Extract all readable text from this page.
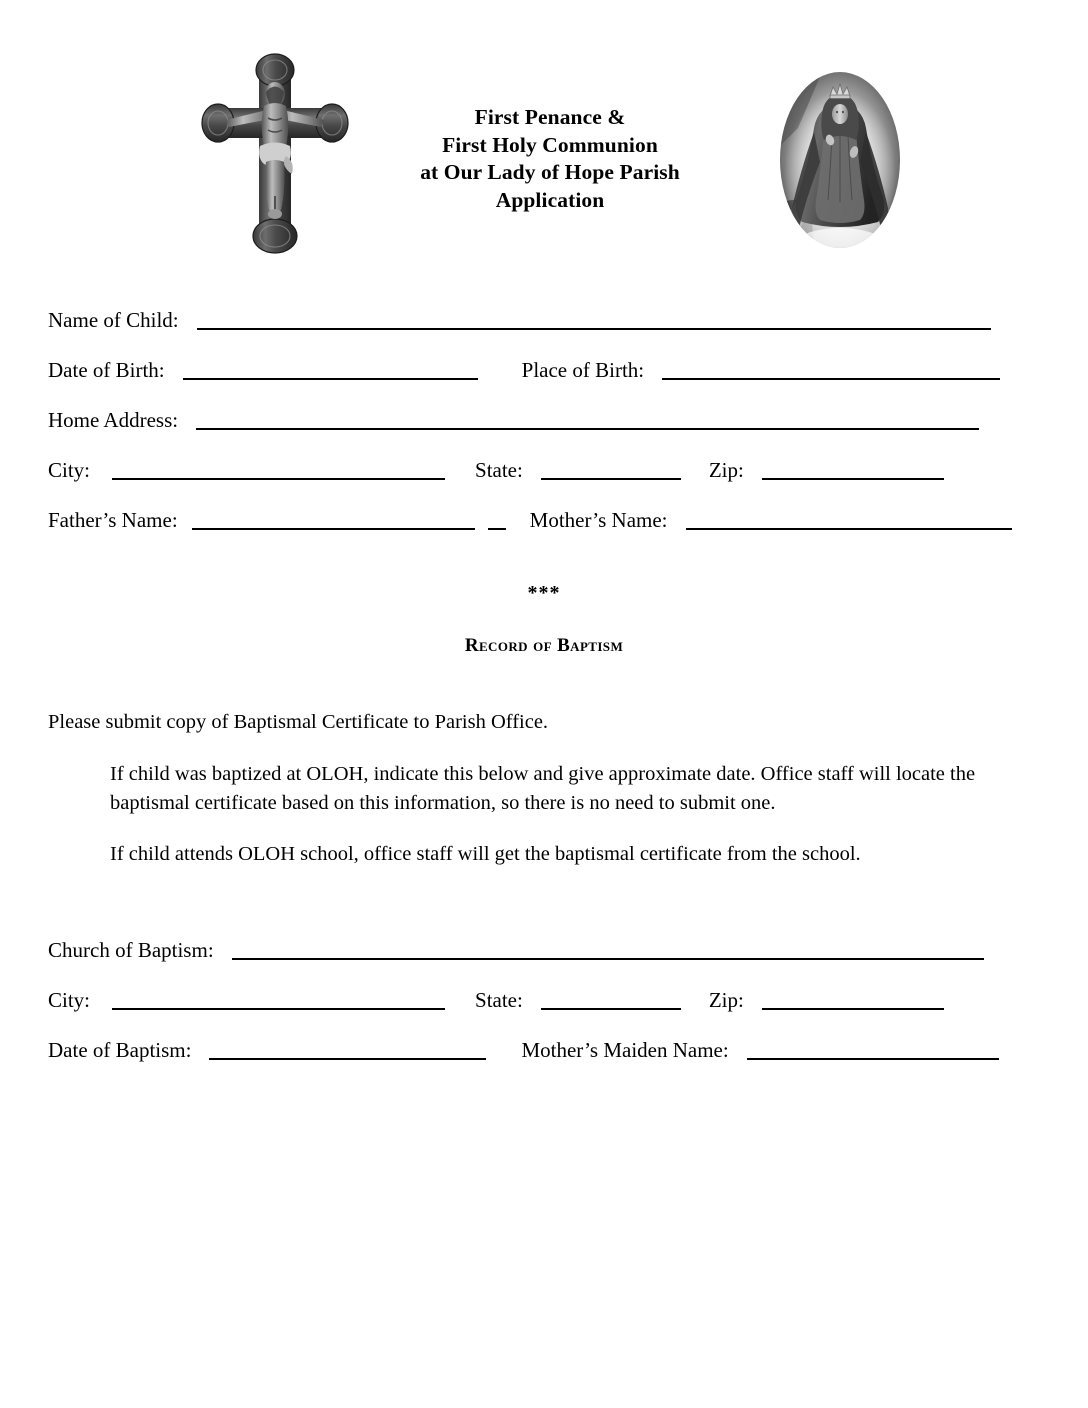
First Penance &
First Holy Communion
at Our Lady of Hope Parish
Application
Name of Child:
Date of Birth:	Place of Birth:
Home Address:
City:	State:	Zip:
Father’s Name:	Mother’s Name:
***
Record of Baptism
Please submit copy of Baptismal Certificate to Parish Office.
If child was baptized at OLOH, indicate this below and give approximate date. Office staff will locate the baptismal certificate based on this information, so there is no need to submit one.
If child attends OLOH school, office staff will get the baptismal certificate from the school.
Church of Baptism:
City:	State:	Zip:
Date of Baptism:	Mother’s Maiden Name:
